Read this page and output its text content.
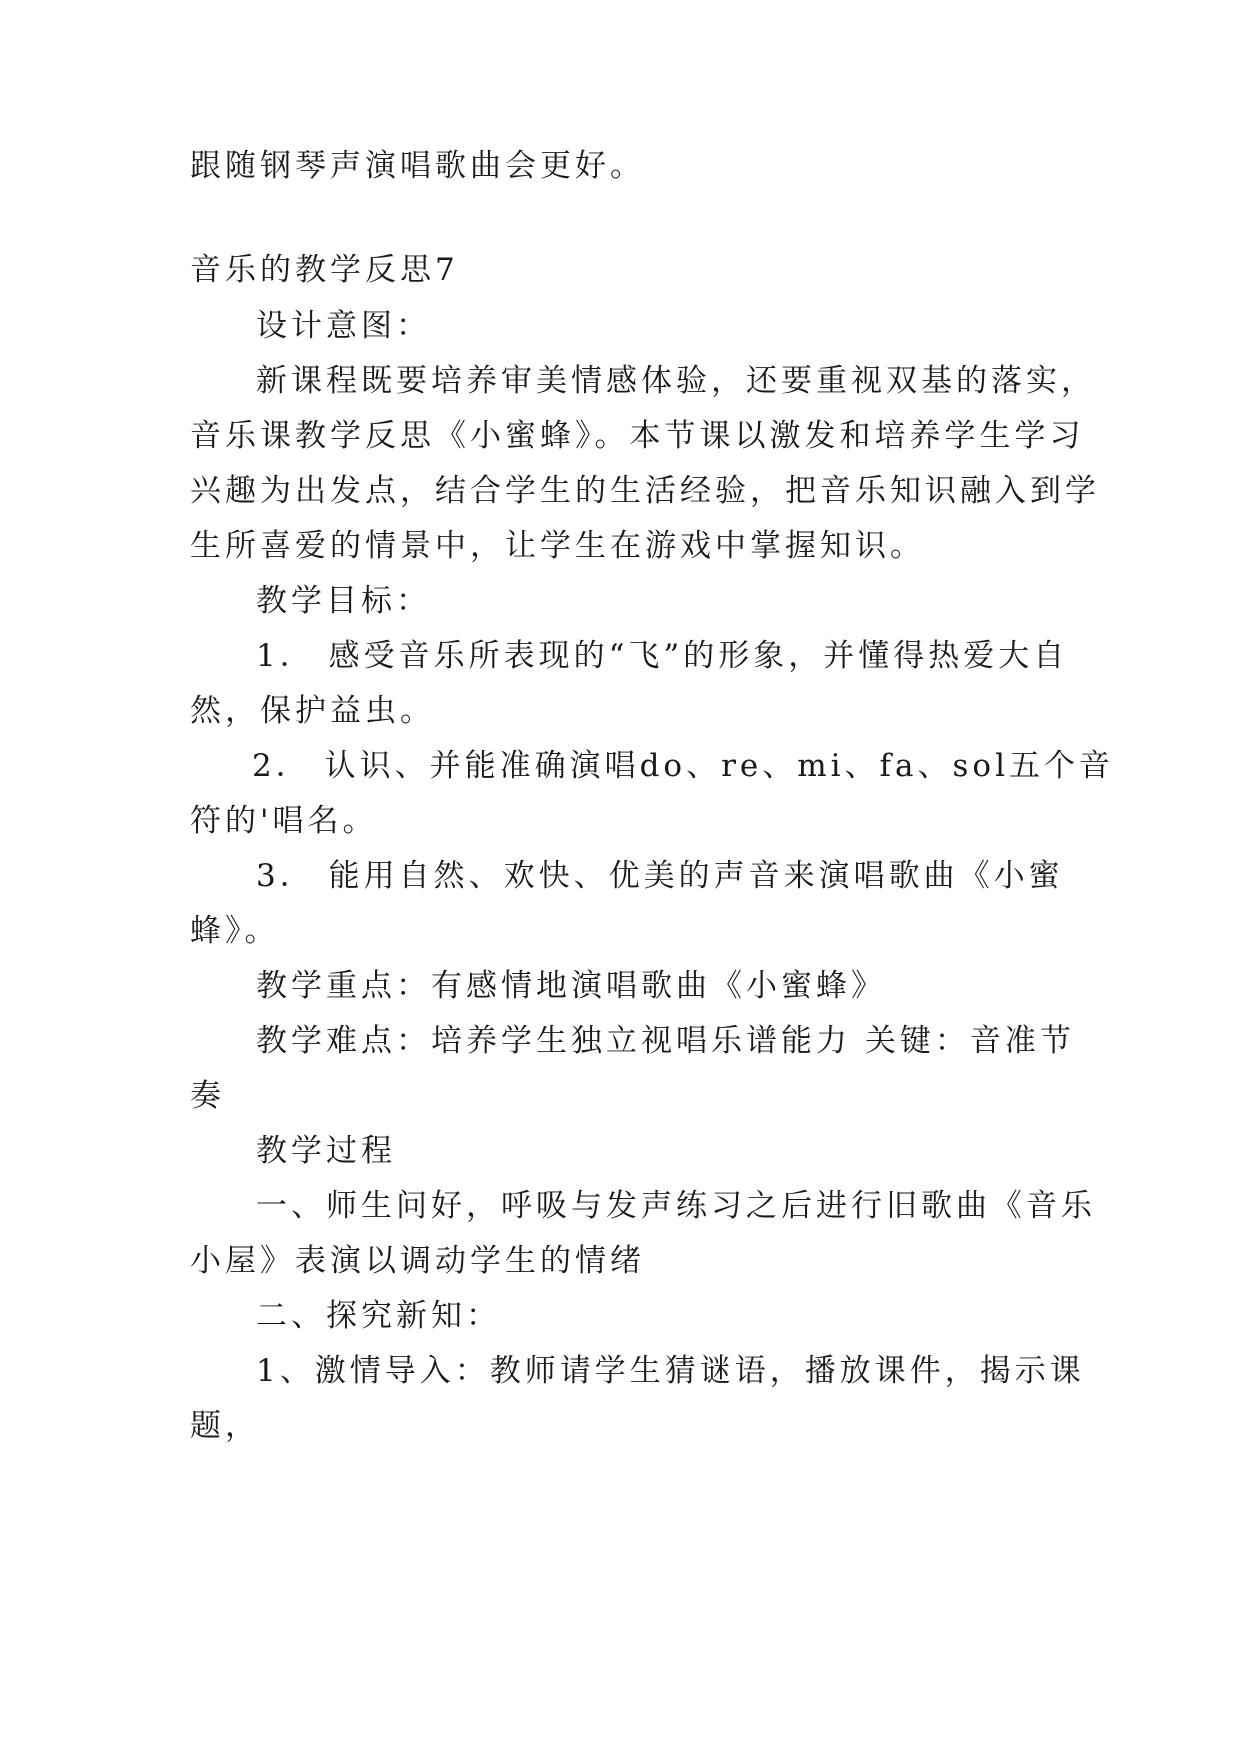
跟随钢琴声演唱歌曲会更好。
音乐的教学反思7
设计意图：
新课程既要培养审美情感体验，还要重视双基的落实，
音乐课教学反思《小蜜蜂》。本节课以激发和培养学生学习
兴趣为出发点，结合学生的生活经验，把音乐知识融入到学
生所喜爱的情景中，让学生在游戏中掌握知识。
教学目标：
1． 感受音乐所表现的“飞”的形象，并懂得热爱大自
然，保护益虫。
2． 认识、并能准确演唱do、re、mi、fa、sol五个音
符的'唱名。
3． 能用自然、欢快、优美的声音来演唱歌曲《小蜜
蜂》。
教学重点：有感情地演唱歌曲《小蜜蜂》
教学难点：培养学生独立视唱乐谱能力 关键：音准节
奏
教学过程
一、师生问好，呼吸与发声练习之后进行旧歌曲《音乐
小屋》表演以调动学生的情绪
二、探究新知：
1、激情导入：教师请学生猜谜语，播放课件，揭示课
题，
